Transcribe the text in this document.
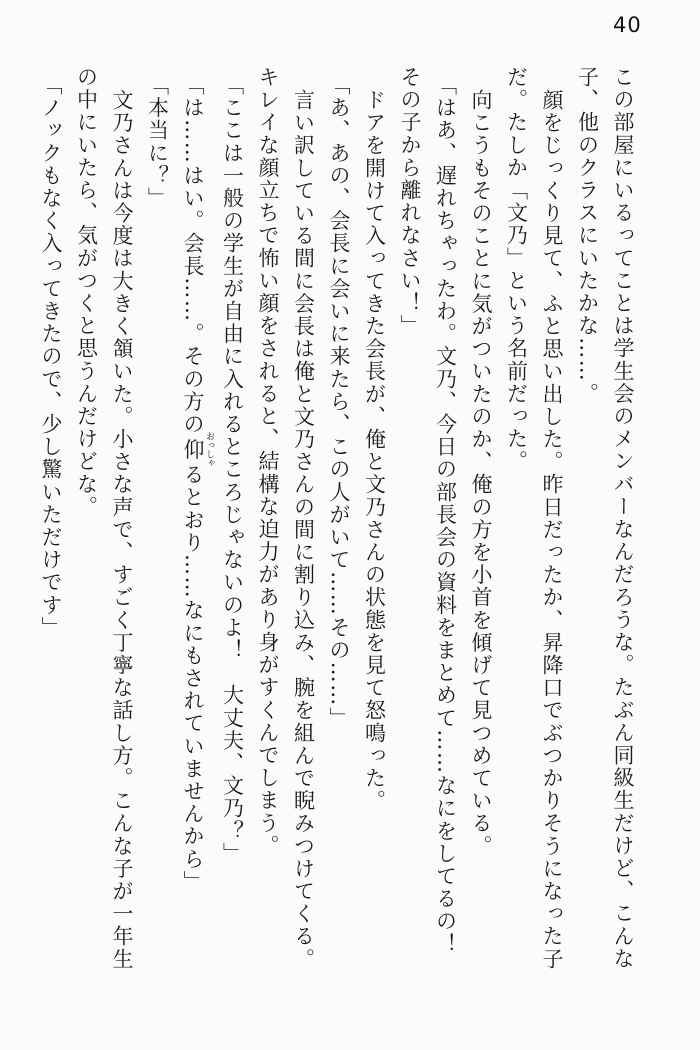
40
この部屋にいるってことは学生会のメンバーなんだろうな。たぶん同級生だけど、こんな
子、他のクラスにいたかな……。
顔をじっくり見て、ふと思い出した。昨日だったか、昇降口でぶつかりそうになった子
だ。たしか「文乃」という名前だった。
向こうもそのことに気がついたのか、俺の方を小首を傾げて見つめている。
「はあ、遅れちゃったわ。文乃、今日の部長会の資料をまとめて……なにをしてるの！
その子から離れなさい！」
ドアを開けて入ってきた会長が、俺と文乃さんの状態を見て怒鳴った。
「あ、あの、会長に会いに来たら、この人がいて……その……」
言い訳している間に会長は俺と文乃さんの間に割り込み、腕を組んで睨みつけてくる。
キレイな顔立ちで怖い顔をされると、結構な迫力があり身がすくんでしまう。
「ここは一般の学生が自由に入れるところじゃないのよ！　大丈夫、文乃？」
「は……はい。会長……。その方の仰 おっしゃるとおり……なにもされていませんから」
「本当に？」
文乃さんは今度は大きく頷いた。小さな声で、すごく丁寧な話し方。こんな子が一年生
の中にいたら、気がつくと思うんだけどな。
「ノックもなく入ってきたので、少し驚いただけです」
